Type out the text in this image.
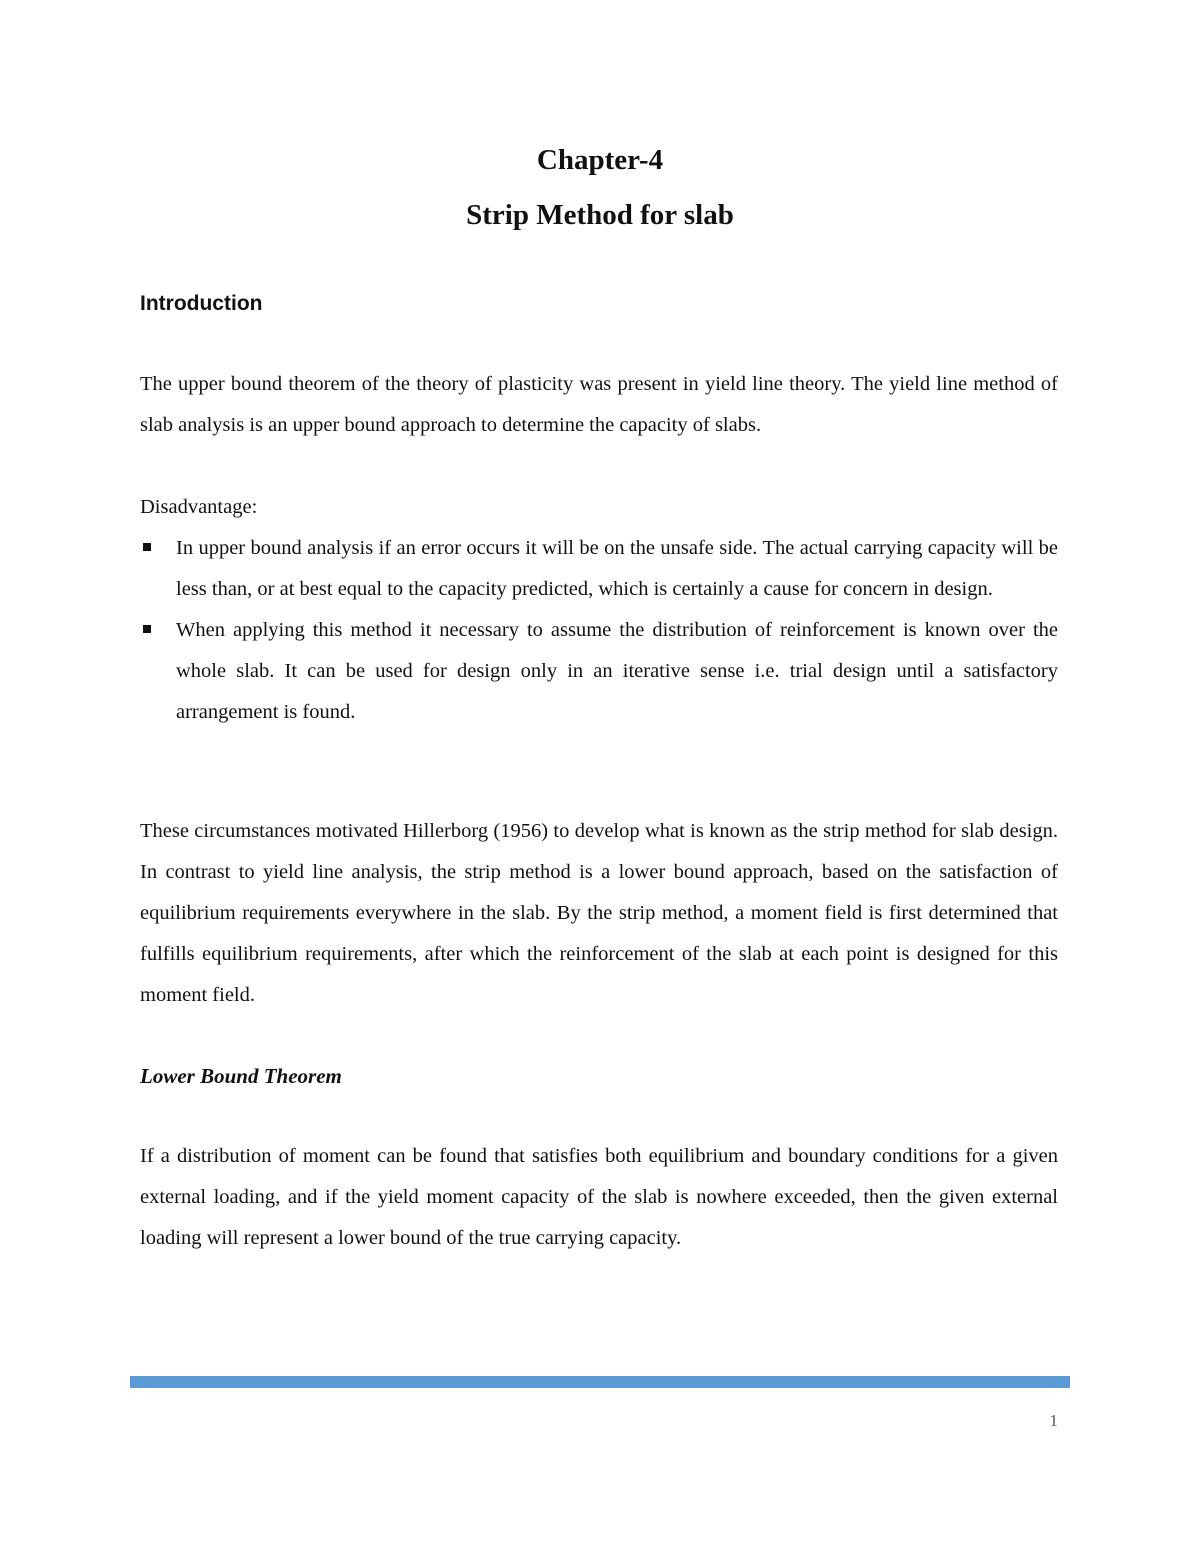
Chapter-4
Strip Method for slab
Introduction

The upper bound theorem of the theory of plasticity was present in yield line theory. The yield line method of slab analysis is an upper bound approach to determine the capacity of slabs.

Disadvantage:

In upper bound analysis if an error occurs it will be on the unsafe side. The actual carrying capacity will be less than, or at best equal to the capacity predicted, which is certainly a cause for concern in design.
When applying this method it necessary to assume the distribution of reinforcement is known over the whole slab. It can be used for design only in an iterative sense i.e. trial design until a satisfactory arrangement is found.

These circumstances motivated Hillerborg (1956) to develop what is known as the strip method for slab design. In contrast to yield line analysis, the strip method is a lower bound approach, based on the satisfaction of equilibrium requirements everywhere in the slab. By the strip method, a moment field is first determined that fulfills equilibrium requirements, after which the reinforcement of the slab at each point is designed for this moment field.

Lower Bound Theorem

If a distribution of moment can be found that satisfies both equilibrium and boundary conditions for a given external loading, and if the yield moment capacity of the slab is nowhere exceeded, then the given external loading will represent a lower bound of the true carrying capacity.

1
